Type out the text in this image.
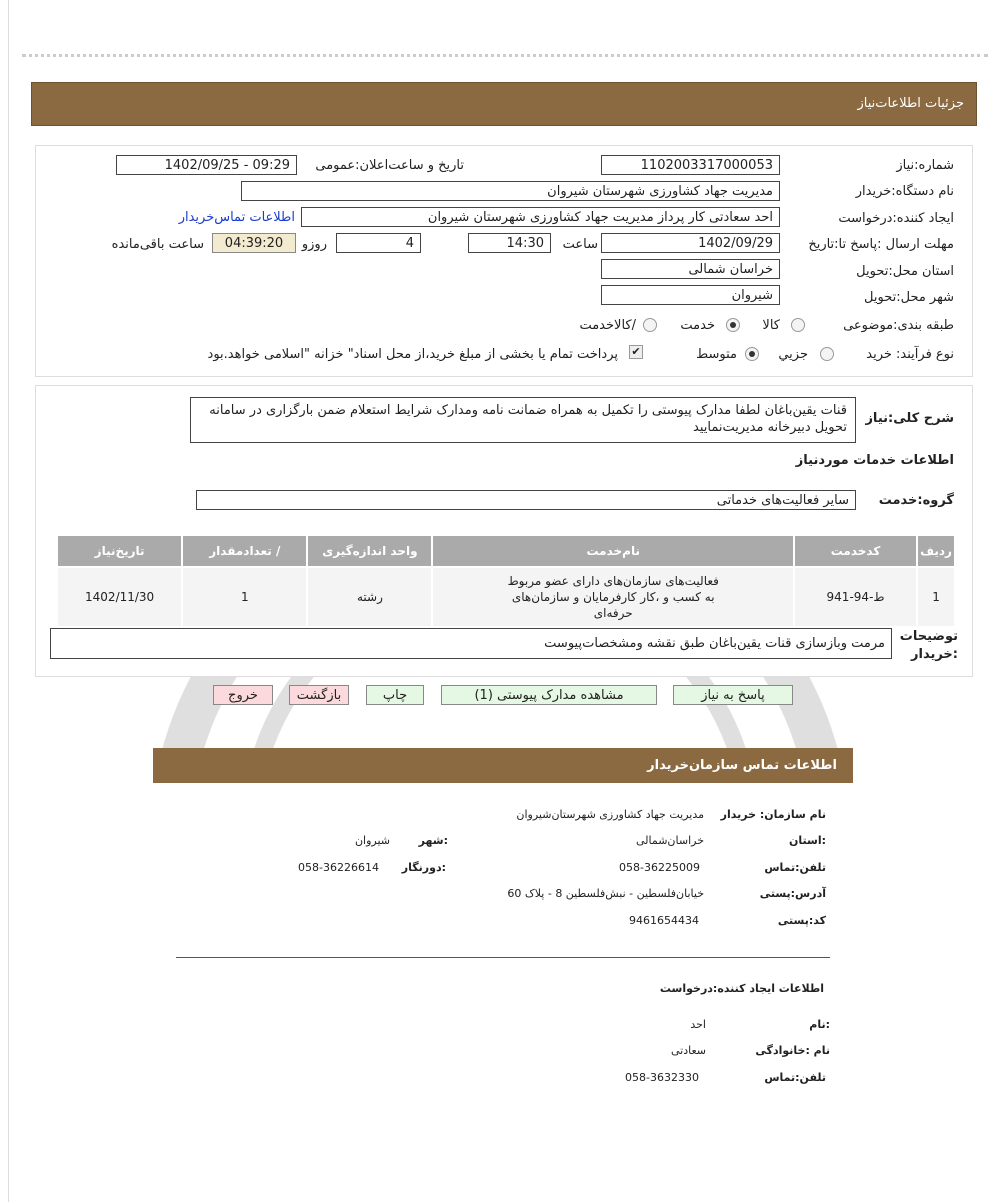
جزئیات اطلاعات‌نیاز
شماره:نیاز
1102003317000053
تاریخ و ساعت‌اعلان:عمومی
1402/09/25 - 09:29
نام دستگاه:خریدار
مدیریت جهاد کشاورزی شهرستان شیروان
ایجاد کننده:درخواست
احد سعادتی کار پرداز مدیریت جهاد کشاورزی شهرستان شیروان
اطلاعات تماس‌خریدار
مهلت ارسال :پاسخ تا:تاریخ
1402/09/29
ساعت
14:30
4
روزو
04:39:20
ساعت باقی‌مانده
استان محل:تحویل
خراسان شمالی
شهر محل:تحویل
شیروان
طبقه بندی:موضوعی
کالا
خدمت
/کالاخدمت
نوع فرآیند: خرید
جزیي
متوسط
✔
پرداخت تمام یا بخشی از مبلغ خرید،از محل اسناد" خزانه "اسلامی خواهد.بود
شرح کلی:نیاز
قنات یقین‌باغان لطفا مدارک پیوستی را تکمیل به همراه ضمانت نامه ومدارک شرایط استعلام ضمن بارگزاری در سامانه تحویل دبیرخانه مدیریت‌نمایید
اطلاعات خدمات موردنیاز
گروه:خدمت
سایر فعالیت‌های خدماتی
ردیف	کدخدمت	نام‌خدمت	واحد اندازه‌گیری	/ تعدادمقدار	تاریخ‌نیاز
1	ط-94-941	فعالیت‌های سازمان‌های دارای عضو مربوط به کسب و ،کار کارفرمایان و سازمان‌های حرفه‌ای	رشته	1	1402/11/30
توضیحات :خریدار
مرمت وبازسازی قنات یقین‌باغان طبق نقشه ومشخصات‌پیوست
پاسخ به نیاز
مشاهده مدارک پیوستی (1)
چاپ
بازگشت
خروج
اطلاعات تماس سازمان‌خریدار
نام سازمان: خریدار
مدیریت جهاد کشاورزی شهرستان‌شیروان
:استان
خراسان‌شمالی
:شهر
شیروان
تلفن:تماس
058-36225009
:دورنگار
058-36226614
آدرس:پستی
خیابان‌فلسطین - نبش‌فلسطین 8 - پلاک 60
کد:پستی
9461654434
اطلاعات ایجاد کننده:درخواست
:نام
احد
نام :خانوادگی
سعادتی
تلفن:تماس
058-3632330
